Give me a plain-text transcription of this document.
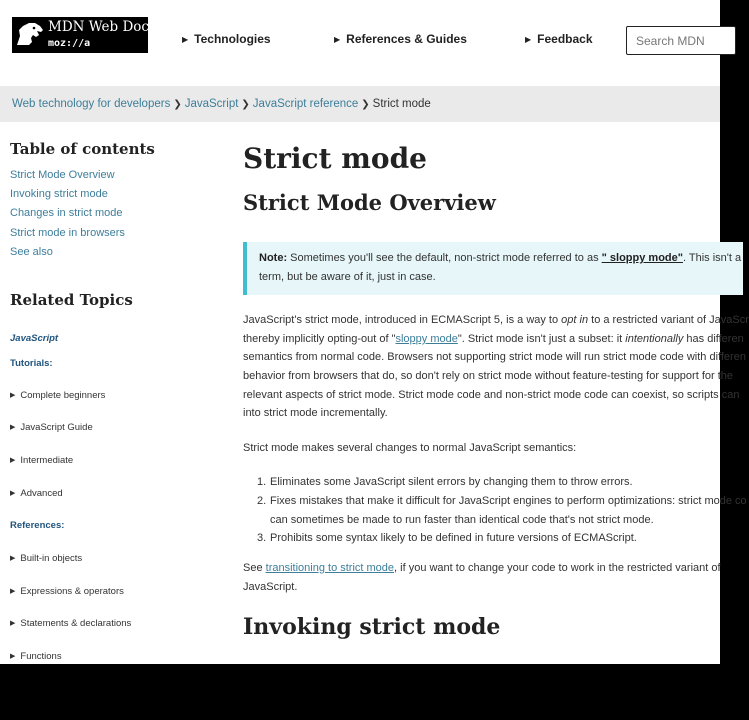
MDN Web Docs
moz://a	▶ Technologies	▶ References & Guides	▶ Feedback
Search MDN
Web technology for developers ❯ JavaScript ❯ JavaScript reference ❯ Strict mode
Table of contents
Strict Mode Overview
Invoking strict mode
Changes in strict mode
Strict mode in browsers
See also
Related Topics
JavaScript
Tutorials:
▶ Complete beginners
▶ JavaScript Guide
▶ Intermediate
▶ Advanced
References:
▶ Built-in objects
▶ Expressions & operators
▶ Statements & declarations
▶ Functions
Strict mode
Strict Mode Overview
Note: Sometimes you'll see the default, non-strict mode referred to as " sloppy mode". This isn't a
term, but be aware of it, just in case.
JavaScript's strict mode, introduced in ECMAScript 5, is a way to opt in to a restricted variant of JavaScr
thereby implicitly opting-out of "sloppy mode". Strict mode isn't just a subset: it intentionally has differen
semantics from normal code. Browsers not supporting strict mode will run strict mode code with differen
behavior from browsers that do, so don't rely on strict mode without feature-testing for support for the
relevant aspects of strict mode. Strict mode code and non-strict mode code can coexist, so scripts can
into strict mode incrementally.
Strict mode makes several changes to normal JavaScript semantics:
1. Eliminates some JavaScript silent errors by changing them to throw errors.
2. Fixes mistakes that make it difficult for JavaScript engines to perform optimizations: strict mode co
can sometimes be made to run faster than identical code that's not strict mode.
3. Prohibits some syntax likely to be defined in future versions of ECMAScript.
See transitioning to strict mode, if you want to change your code to work in the restricted variant of
JavaScript.
Invoking strict mode
